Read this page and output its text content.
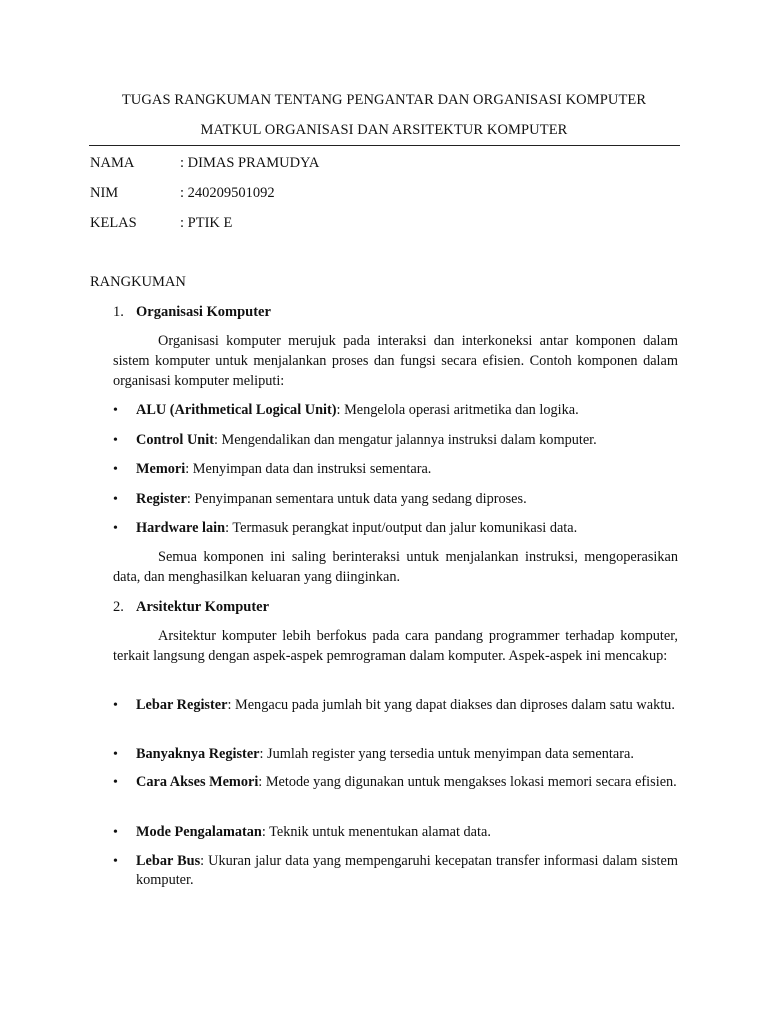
TUGAS RANGKUMAN TENTANG PENGANTAR DAN ORGANISASI KOMPUTER
MATKUL ORGANISASI DAN ARSITEKTUR KOMPUTER
NAMA	: DIMAS PRAMUDYA
NIM	: 240209501092
KELAS	: PTIK E
RANGKUMAN
1. Organisasi Komputer
Organisasi komputer merujuk pada interaksi dan interkoneksi antar komponen dalam sistem komputer untuk menjalankan proses dan fungsi secara efisien. Contoh komponen dalam organisasi komputer meliputi:
•	ALU (Arithmetical Logical Unit): Mengelola operasi aritmetika dan logika.
•	Control Unit: Mengendalikan dan mengatur jalannya instruksi dalam komputer.
•	Memori: Menyimpan data dan instruksi sementara.
•	Register: Penyimpanan sementara untuk data yang sedang diproses.
•	Hardware lain: Termasuk perangkat input/output dan jalur komunikasi data.
Semua komponen ini saling berinteraksi untuk menjalankan instruksi, mengoperasikan data, dan menghasilkan keluaran yang diinginkan.
2. Arsitektur Komputer
Arsitektur komputer lebih berfokus pada cara pandang programmer terhadap komputer, terkait langsung dengan aspek-aspek pemrograman dalam komputer. Aspek-aspek ini mencakup:
•	Lebar Register: Mengacu pada jumlah bit yang dapat diakses dan diproses dalam satu waktu.
•	Banyaknya Register: Jumlah register yang tersedia untuk menyimpan data sementara.
•	Cara Akses Memori: Metode yang digunakan untuk mengakses lokasi memori secara efisien.
•	Mode Pengalamatan: Teknik untuk menentukan alamat data.
•	Lebar Bus: Ukuran jalur data yang mempengaruhi kecepatan transfer informasi dalam sistem komputer.
